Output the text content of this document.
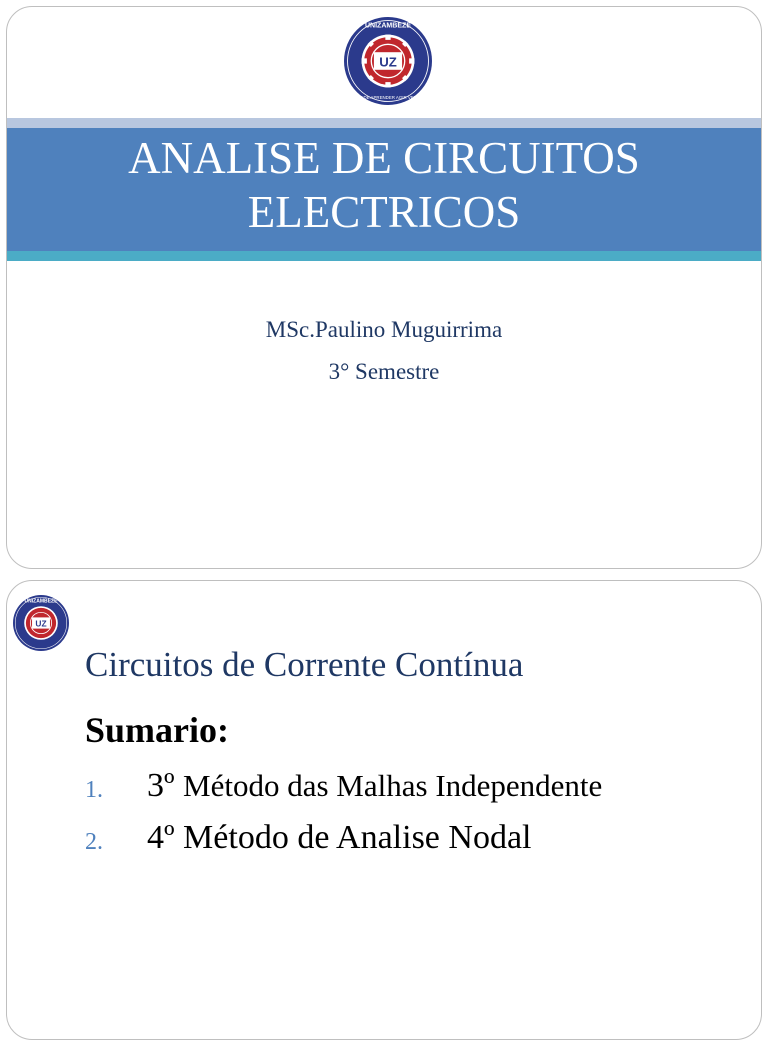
UZ
UNIZAMBEZE
UNIDADE APRENDER AGIR VENCER
ANALISE DE CIRCUITOS
ELECTRICOS
MSc.Paulino Muguirrima
3° Semestre
UZ
UNIZAMBEZE
Circuitos de Corrente Contínua
Sumario:
1. 3º Método das Malhas Independente
2. 4º Método de Analise Nodal
